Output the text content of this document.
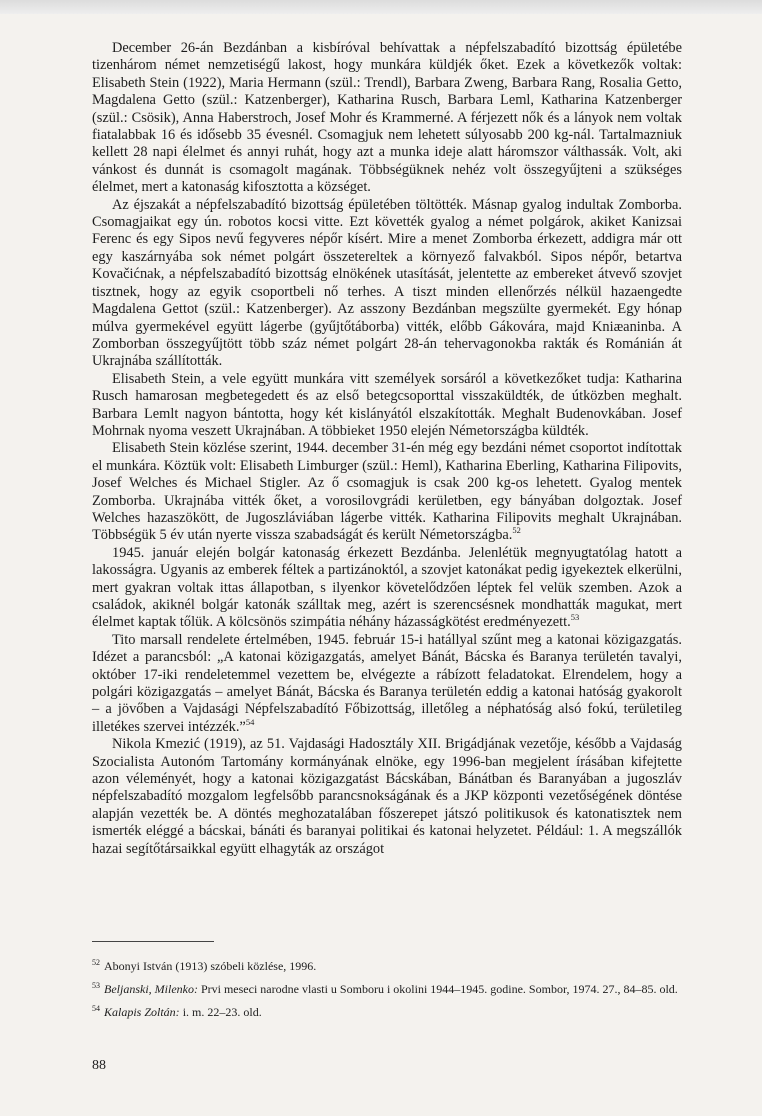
December 26-án Bezdánban a kisbíróval behívattak a népfelszabadító bizottság épületébe tizenhárom német nemzetiségű lakost, hogy munkára küldjék őket. Ezek a következők voltak: Elisabeth Stein (1922), Maria Hermann (szül.: Trendl), Barbara Zweng, Barbara Rang, Rosalia Getto, Magdalena Getto (szül.: Katzenberger), Katharina Rusch, Barbara Leml, Katharina Katzenberger (szül.: Csösik), Anna Haberstroch, Josef Mohr és Krammerné. A férjezett nők és a lányok nem voltak fiatalabbak 16 és idősebb 35 évesnél. Csomagjuk nem lehetett súlyosabb 200 kg-nál. Tartalmazniuk kellett 28 napi élelmet és annyi ruhát, hogy azt a munka ideje alatt háromszor válthassák. Volt, aki vánkost és dunnát is csomagolt magának. Többségüknek nehéz volt összegyűjteni a szükséges élelmet, mert a katonaság kifosztotta a községet.

Az éjszakát a népfelszabadító bizottság épületében töltötték. Másnap gyalog indultak Zomborba. Csomagjaikat egy ún. robotos kocsi vitte. Ezt követték gyalog a német polgárok, akiket Kanizsai Ferenc és egy Sipos nevű fegyveres népőr kísért. Mire a menet Zomborba érkezett, addigra már ott egy kaszárnyába sok német polgárt összetereltek a környező falvakból. Sipos népőr, betartva Kovačićnak, a népfelszabadító bizottság elnökének utasítását, jelentette az embereket átvevő szovjet tisztnek, hogy az egyik csoportbeli nő terhes. A tiszt minden ellenőrzés nélkül hazaengedte Magdalena Gettot (szül.: Katzenberger). Az asszony Bezdánban megszülte gyermekét. Egy hónap múlva gyermekével együtt lágerbe (gyűjtőtáborba) vitték, előbb Gákovára, majd Kniæaninba. A Zomborban összegyűjtött több száz német polgárt 28-án tehervagonokba rakták és Románián át Ukrajnába szállították.

Elisabeth Stein, a vele együtt munkára vitt személyek sorsáról a következőket tudja: Katharina Rusch hamarosan megbetegedett és az első betegcsoporttal visszaküldték, de útközben meghalt. Barbara Lemlt nagyon bántotta, hogy két kislányától elszakították. Meghalt Budenovkában. Josef Mohrnak nyoma veszett Ukrajnában. A többieket 1950 elején Németországba küldték.

Elisabeth Stein közlése szerint, 1944. december 31-én még egy bezdáni német csoportot indítottak el munkára. Köztük volt: Elisabeth Limburger (szül.: Heml), Katharina Eberling, Katharina Filipovits, Josef Welches és Michael Stigler. Az ő csomagjuk is csak 200 kg-os lehetett. Gyalog mentek Zomborba. Ukrajnába vitték őket, a vorosilovgrádi kerületben, egy bányában dolgoztak. Josef Welches hazaszökött, de Jugoszláviában lágerbe vitték. Katharina Filipovits meghalt Ukrajnában. Többségük 5 év után nyerte vissza szabadságát és került Németországba.$^{52}$

1945. január elején bolgár katonaság érkezett Bezdánba. Jelenlétük megnyugtatólag hatott a lakosságra. Ugyanis az emberek féltek a partizánoktól, a szovjet katonákat pedig igyekeztek elkerülni, mert gyakran voltak ittas állapotban, s ilyenkor követelődzően léptek fel velük szemben. Azok a családok, akiknél bolgár katonák szálltak meg, azért is szerencsésnek mondhatták magukat, mert élelmet kaptak tőlük. A kölcsönös szimpátia néhány házasságkötést eredményezett.$^{53}$

Tito marsall rendelete értelmében, 1945. február 15-i hatállyal szűnt meg a katonai közigazgatás. Idézet a parancsból: „A katonai közigazgatás, amelyet Bánát, Bácska és Baranya területén tavalyi, október 17-iki rendeletemmel vezettem be, elvégezte a rábízott feladatokat. Elrendelem, hogy a polgári közigazgatás – amelyet Bánát, Bácska és Baranya területén eddig a katonai hatóság gyakorolt – a jövőben a Vajdasági Népfelszabadító Főbizottság, illetőleg a néphatóság alsó fokú, területileg illetékes szervei intézzék.”$^{54}$

Nikola Kmezić (1919), az 51. Vajdasági Hadosztály XII. Brigádjának vezetője, később a Vajdaság Szocialista Autonóm Tartomány kormányának elnöke, egy 1996-ban megjelent írásában kifejtette azon véleményét, hogy a katonai közigazgatást Bácskában, Bánátban és Baranyában a jugoszláv népfelszabadító mozgalom legfelsőbb parancsnokságának és a JKP központi vezetőségének döntése alapján vezették be. A döntés meghozatalában főszerepet játszó politikusok és katonatisztek nem ismerték eléggé a bácskai, bánáti és baranyai politikai és katonai helyzetet. Például: 1. A megszállók hazai segítőtársaikkal együtt elhagyták az országot

$^{52}$ Abonyi István (1913) szóbeli közlése, 1996.

$^{53}$ Beljanski, Milenko: Prvi meseci narodne vlasti u Somboru i okolini 1944–1945. godine. Sombor, 1974. 27., 84–85. old.

$^{54}$ Kalapis Zoltán: i. m. 22–23. old.

88
